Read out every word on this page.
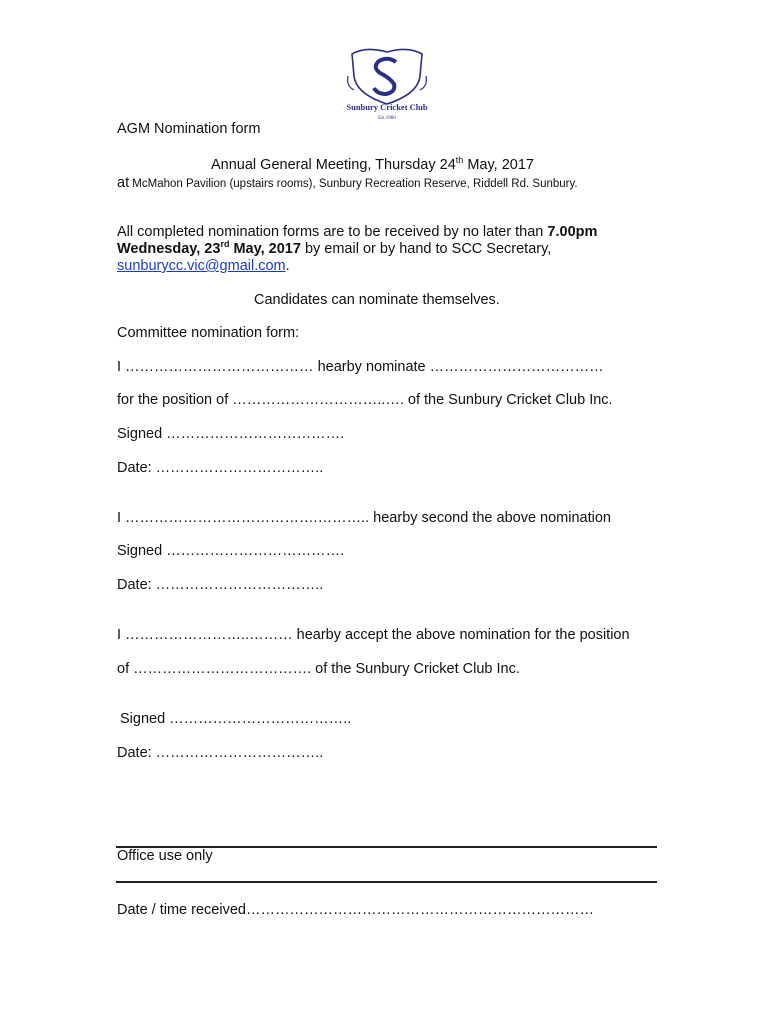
Sunbury Cricket Club
Est.1960
AGM Nomination form
Annual General Meeting, Thursday 24th May, 2017
at McMahon Pavilion (upstairs rooms), Sunbury Recreation Reserve, Riddell Rd. Sunbury.
All completed nomination forms are to be received by no later than 7.00pm
Wednesday, 23rd May, 2017 by email or by hand to SCC Secretary,
sunburycc.vic@gmail.com.
Candidates can nominate themselves.
Committee nomination form:
I ………………………………… hearby nominate ………………………………
for the position of …………………………..…. of the Sunbury Cricket Club Inc.
Signed ……………………………….
Date: ……………………………..
I ………………………………….……….. hearby second the above nomination
Signed ……………………………….
Date: ……………………………..
I ……………………..……… hearby accept the above nomination for the position
of ………………………………. of the Sunbury Cricket Club Inc.
Signed ………………………………..
Date: ……………………………..
Office use only
Date / time received………………………………………………………………
